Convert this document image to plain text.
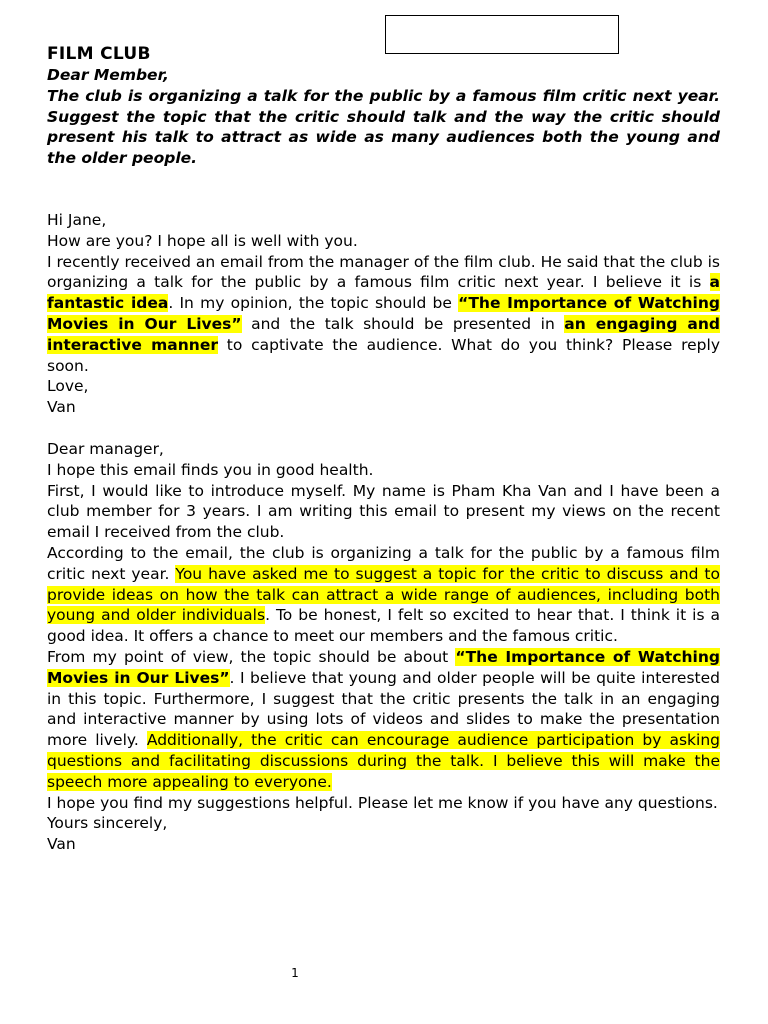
FILM CLUB

Dear Member,

The club is organizing a talk for the public by a famous film critic next year. Suggest the topic that the critic should talk and the way the critic should present his talk to attract as wide as many audiences both the young and the older people.

Hi Jane,

How are you? I hope all is well with you.

I recently received an email from the manager of the film club. He said that the club is organizing a talk for the public by a famous film critic next year. I believe it is a fantastic idea. In my opinion, the topic should be “The Importance of Watching Movies in Our Lives” and the talk should be presented in an engaging and interactive manner to captivate the audience. What do you think? Please reply soon.

Love,

Van

Dear manager,

I hope this email finds you in good health.

First, I would like to introduce myself. My name is Pham Kha Van and I have been a club member for 3 years. I am writing this email to present my views on the recent email I received from the club.

According to the email, the club is organizing a talk for the public by a famous film critic next year. You have asked me to suggest a topic for the critic to discuss and to provide ideas on how the talk can attract a wide range of audiences, including both young and older individuals. To be honest, I felt so excited to hear that. I think it is a good idea. It offers a chance to meet our members and the famous critic.

From my point of view, the topic should be about “The Importance of Watching Movies in Our Lives”. I believe that young and older people will be quite interested in this topic. Furthermore, I suggest that the critic presents the talk in an engaging and interactive manner by using lots of videos and slides to make the presentation more lively. Additionally, the critic can encourage audience participation by asking questions and facilitating discussions during the talk. I believe this will make the speech more appealing to everyone.

I hope you find my suggestions helpful. Please let me know if you have any questions.

Yours sincerely,

Van

1
